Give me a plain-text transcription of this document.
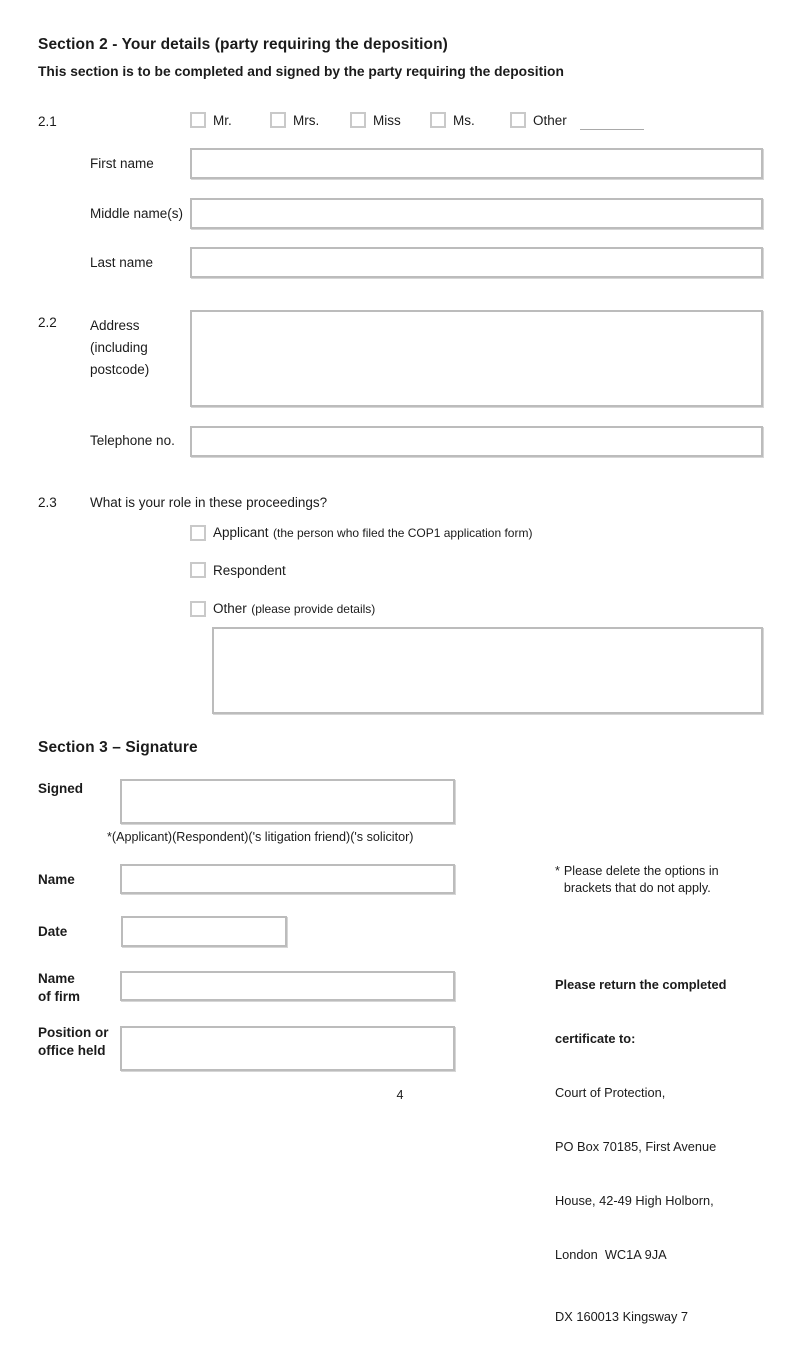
Section 2 - Your details (party requiring the deposition)
This section is to be completed and signed by the party requiring the deposition
2.1	Mr.	Mrs.	Miss	Ms.	Other
First name
Middle name(s)
Last name
2.2 Address
(including
postcode)
Telephone no.
2.3 What is your role in these proceedings?
Applicant (the person who filed the COP1 application form)
Respondent
Other (please provide details)
Section 3 – Signature
Signed
*(Applicant)(Respondent)('s litigation friend)('s solicitor)
Name
Date
Name
of firm
Position or
office held
* Please delete the options in
brackets that do not apply.

Please return the completed

certificate to:

Court of Protection,

PO Box 70185, First Avenue

House, 42-49 High Holborn,

London  WC1A 9JA

DX 160013 Kingsway 7

4
